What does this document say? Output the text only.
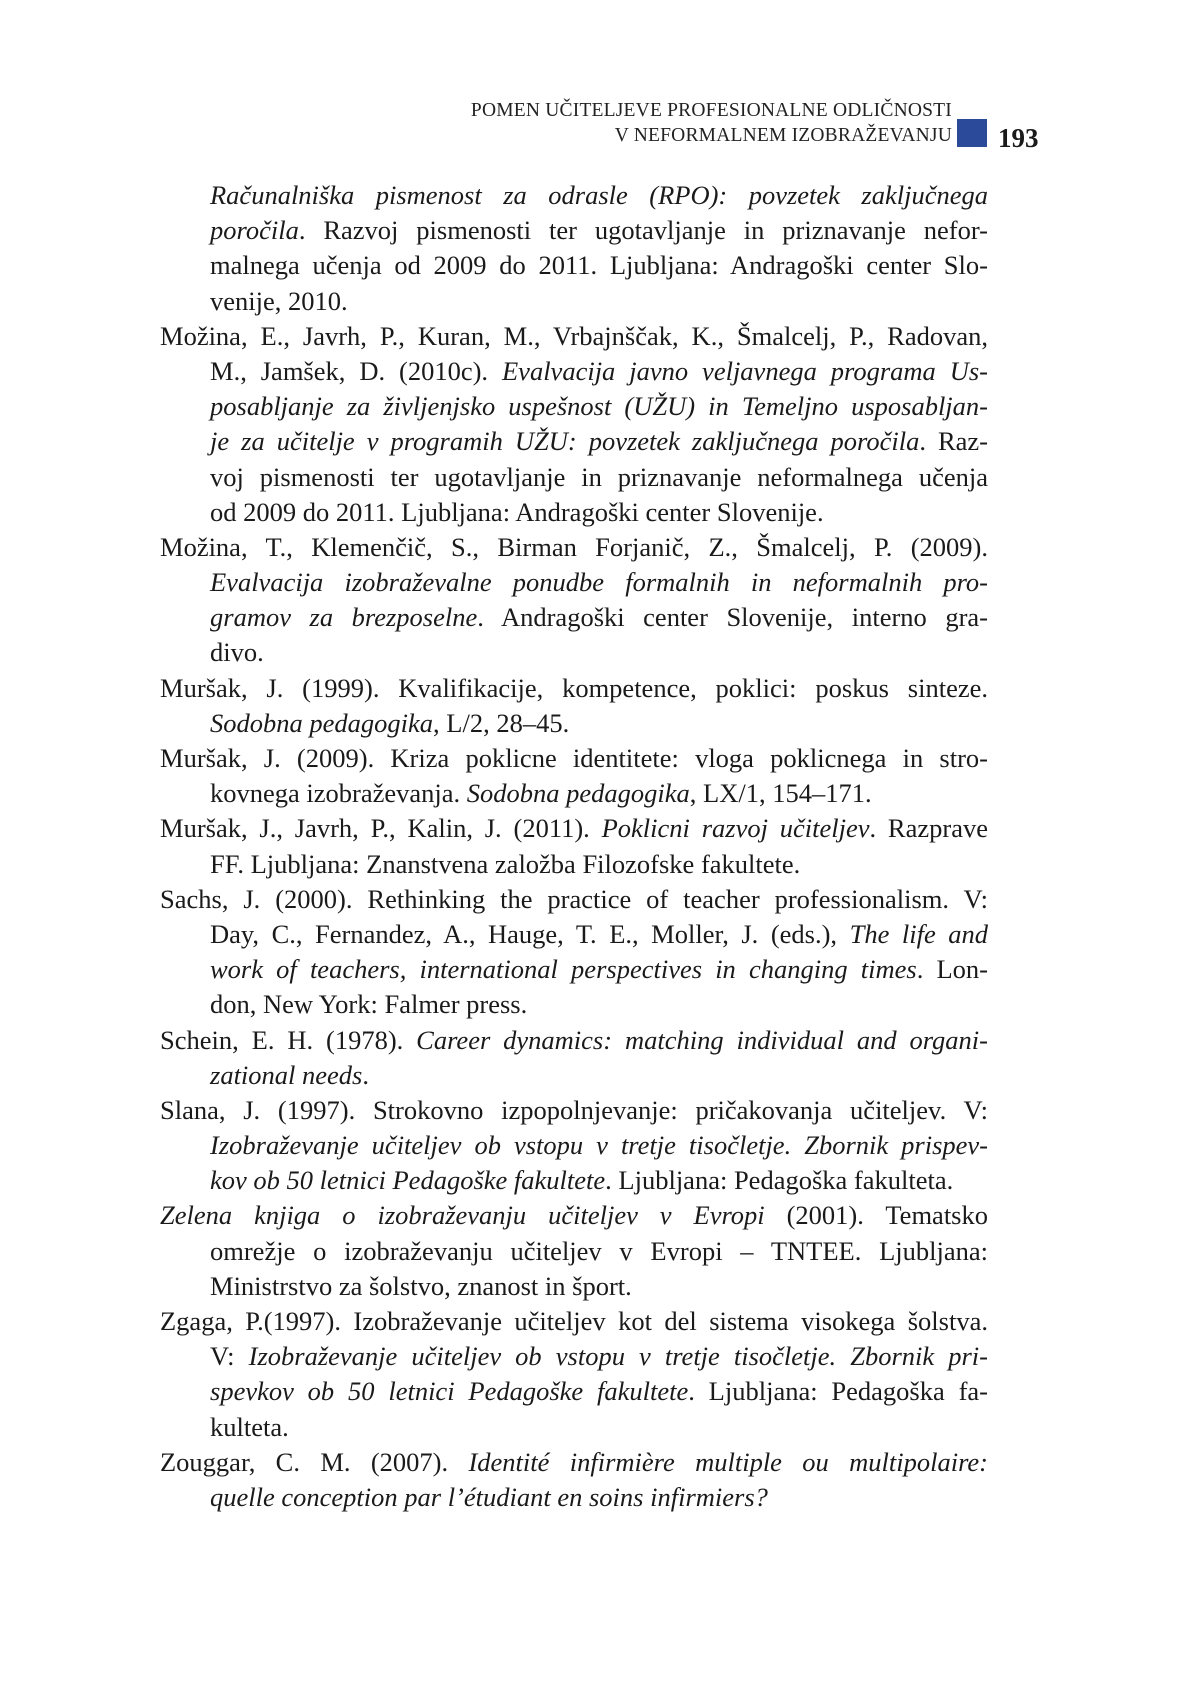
POMEN UČITELJEVE PROFESIONALNE ODLIČNOSTI
V NEFORMALNEM IZOBRAŽEVANJU 193
Računalniška pismenost za odrasle (RPO): povzetek zaključnega
poročila. Razvoj pismenosti ter ugotavljanje in priznavanje nefor-
malnega učenja od 2009 do 2011. Ljubljana: Andragoški center Slo-
venije, 2010.
Možina, E., Javrh, P., Kuran, M., Vrbajnščak, K., Šmalcelj, P., Radovan,
M., Jamšek, D. (2010c). Evalvacija javno veljavnega programa Us-
posabljanje za življenjsko uspešnost (UŽU) in Temeljno usposabljan-
je za učitelje v programih UŽU: povzetek zaključnega poročila. Raz-
voj pismenosti ter ugotavljanje in priznavanje neformalnega učenja
od 2009 do 2011. Ljubljana: Andragoški center Slovenije.
Možina, T., Klemenčič, S., Birman Forjanič, Z., Šmalcelj, P. (2009).
Evalvacija izobraževalne ponudbe formalnih in neformalnih pro-
gramov za brezposelne. Andragoški center Slovenije, interno gra-
divo.
Muršak, J. (1999). Kvalifikacije, kompetence, poklici: poskus sinteze.
Sodobna pedagogika, L/2, 28–45.
Muršak, J. (2009). Kriza poklicne identitete: vloga poklicnega in stro-
kovnega izobraževanja. Sodobna pedagogika, LX/1, 154–171.
Muršak, J., Javrh, P., Kalin, J. (2011). Poklicni razvoj učiteljev. Razprave
FF. Ljubljana: Znanstvena založba Filozofske fakultete.
Sachs, J. (2000). Rethinking the practice of teacher professionalism. V:
Day, C., Fernandez, A., Hauge, T. E., Moller, J. (eds.), The life and
work of teachers, international perspectives in changing times. Lon-
don, New York: Falmer press.
Schein, E. H. (1978). Career dynamics: matching individual and organi-
zational needs.
Slana, J. (1997). Strokovno izpopolnjevanje: pričakovanja učiteljev. V:
Izobraževanje učiteljev ob vstopu v tretje tisočletje. Zbornik prispev-
kov ob 50 letnici Pedagoške fakultete. Ljubljana: Pedagoška fakulteta.
Zelena knjiga o izobraževanju učiteljev v Evropi (2001). Tematsko
omrežje o izobraževanju učiteljev v Evropi – TNTEE. Ljubljana:
Ministrstvo za šolstvo, znanost in šport.
Zgaga, P.(1997). Izobraževanje učiteljev kot del sistema visokega šolstva.
V: Izobraževanje učiteljev ob vstopu v tretje tisočletje. Zbornik pri-
spevkov ob 50 letnici Pedagoške fakultete. Ljubljana: Pedagoška fa-
kulteta.
Zouggar, C. M. (2007). Identité infirmière multiple ou multipolaire:
quelle conception par l’étudiant en soins infirmiers?
